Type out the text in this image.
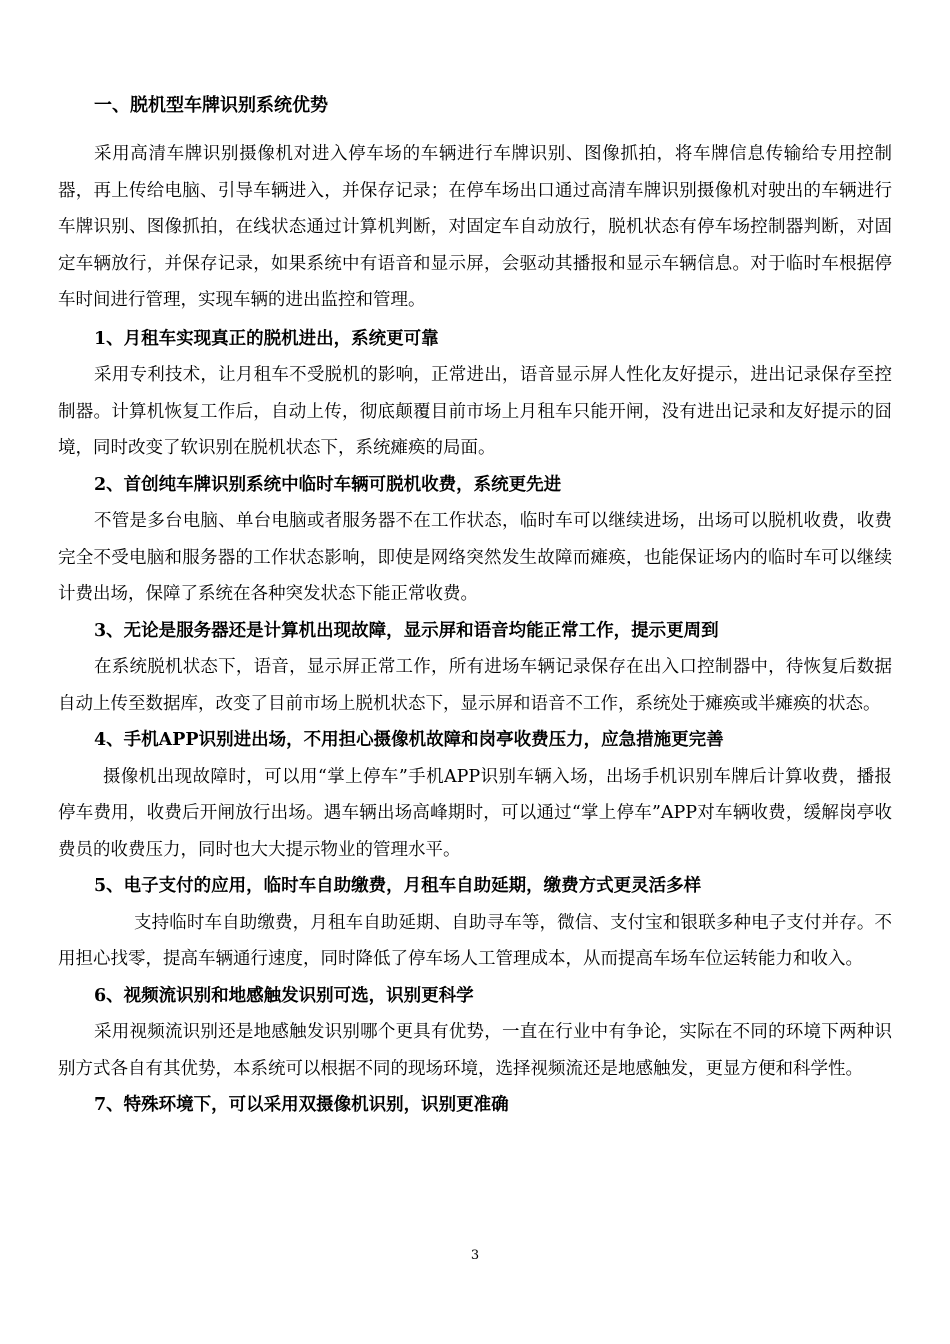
一、脱机型车牌识别系统优势

采用高清车牌识别摄像机对进入停车场的车辆进行车牌识别、图像抓拍，将车牌信息传输给专用控制器，再上传给电脑、引导车辆进入，并保存记录；在停车场出口通过高清车牌识别摄像机对驶出的车辆进行车牌识别、图像抓拍，在线状态通过计算机判断，对固定车自动放行，脱机状态有停车场控制器判断，对固定车辆放行，并保存记录，如果系统中有语音和显示屏，会驱动其播报和显示车辆信息。对于临时车根据停车时间进行管理，实现车辆的进出监控和管理。

1、月租车实现真正的脱机进出，系统更可靠

采用专利技术，让月租车不受脱机的影响，正常进出，语音显示屏人性化友好提示，进出记录保存至控制器。计算机恢复工作后，自动上传，彻底颠覆目前市场上月租车只能开闸，没有进出记录和友好提示的囧境，同时改变了软识别在脱机状态下，系统瘫痪的局面。

2、首创纯车牌识别系统中临时车辆可脱机收费，系统更先进

不管是多台电脑、单台电脑或者服务器不在工作状态，临时车可以继续进场，出场可以脱机收费，收费完全不受电脑和服务器的工作状态影响，即使是网络突然发生故障而瘫痪，也能保证场内的临时车可以继续计费出场，保障了系统在各种突发状态下能正常收费。

3、无论是服务器还是计算机出现故障，显示屏和语音均能正常工作，提示更周到

在系统脱机状态下，语音，显示屏正常工作，所有进场车辆记录保存在出入口控制器中，待恢复后数据自动上传至数据库，改变了目前市场上脱机状态下，显示屏和语音不工作，系统处于瘫痪或半瘫痪的状态。

4、手机APP识别进出场，不用担心摄像机故障和岗亭收费压力，应急措施更完善

摄像机出现故障时，可以用“掌上停车”手机APP识别车辆入场，出场手机识别车牌后计算收费，播报停车费用，收费后开闸放行出场。遇车辆出场高峰期时，可以通过“掌上停车”APP对车辆收费，缓解岗亭收费员的收费压力，同时也大大提示物业的管理水平。

5、电子支付的应用，临时车自助缴费，月租车自助延期，缴费方式更灵活多样

支持临时车自助缴费，月租车自助延期、自助寻车等，微信、支付宝和银联多种电子支付并存。不用担心找零，提高车辆通行速度，同时降低了停车场人工管理成本，从而提高车场车位运转能力和收入。

6、视频流识别和地感触发识别可选，识别更科学

采用视频流识别还是地感触发识别哪个更具有优势，一直在行业中有争论，实际在不同的环境下两种识别方式各自有其优势，本系统可以根据不同的现场环境，选择视频流还是地感触发，更显方便和科学性。

7、特殊环境下，可以采用双摄像机识别，识别更准确

3
